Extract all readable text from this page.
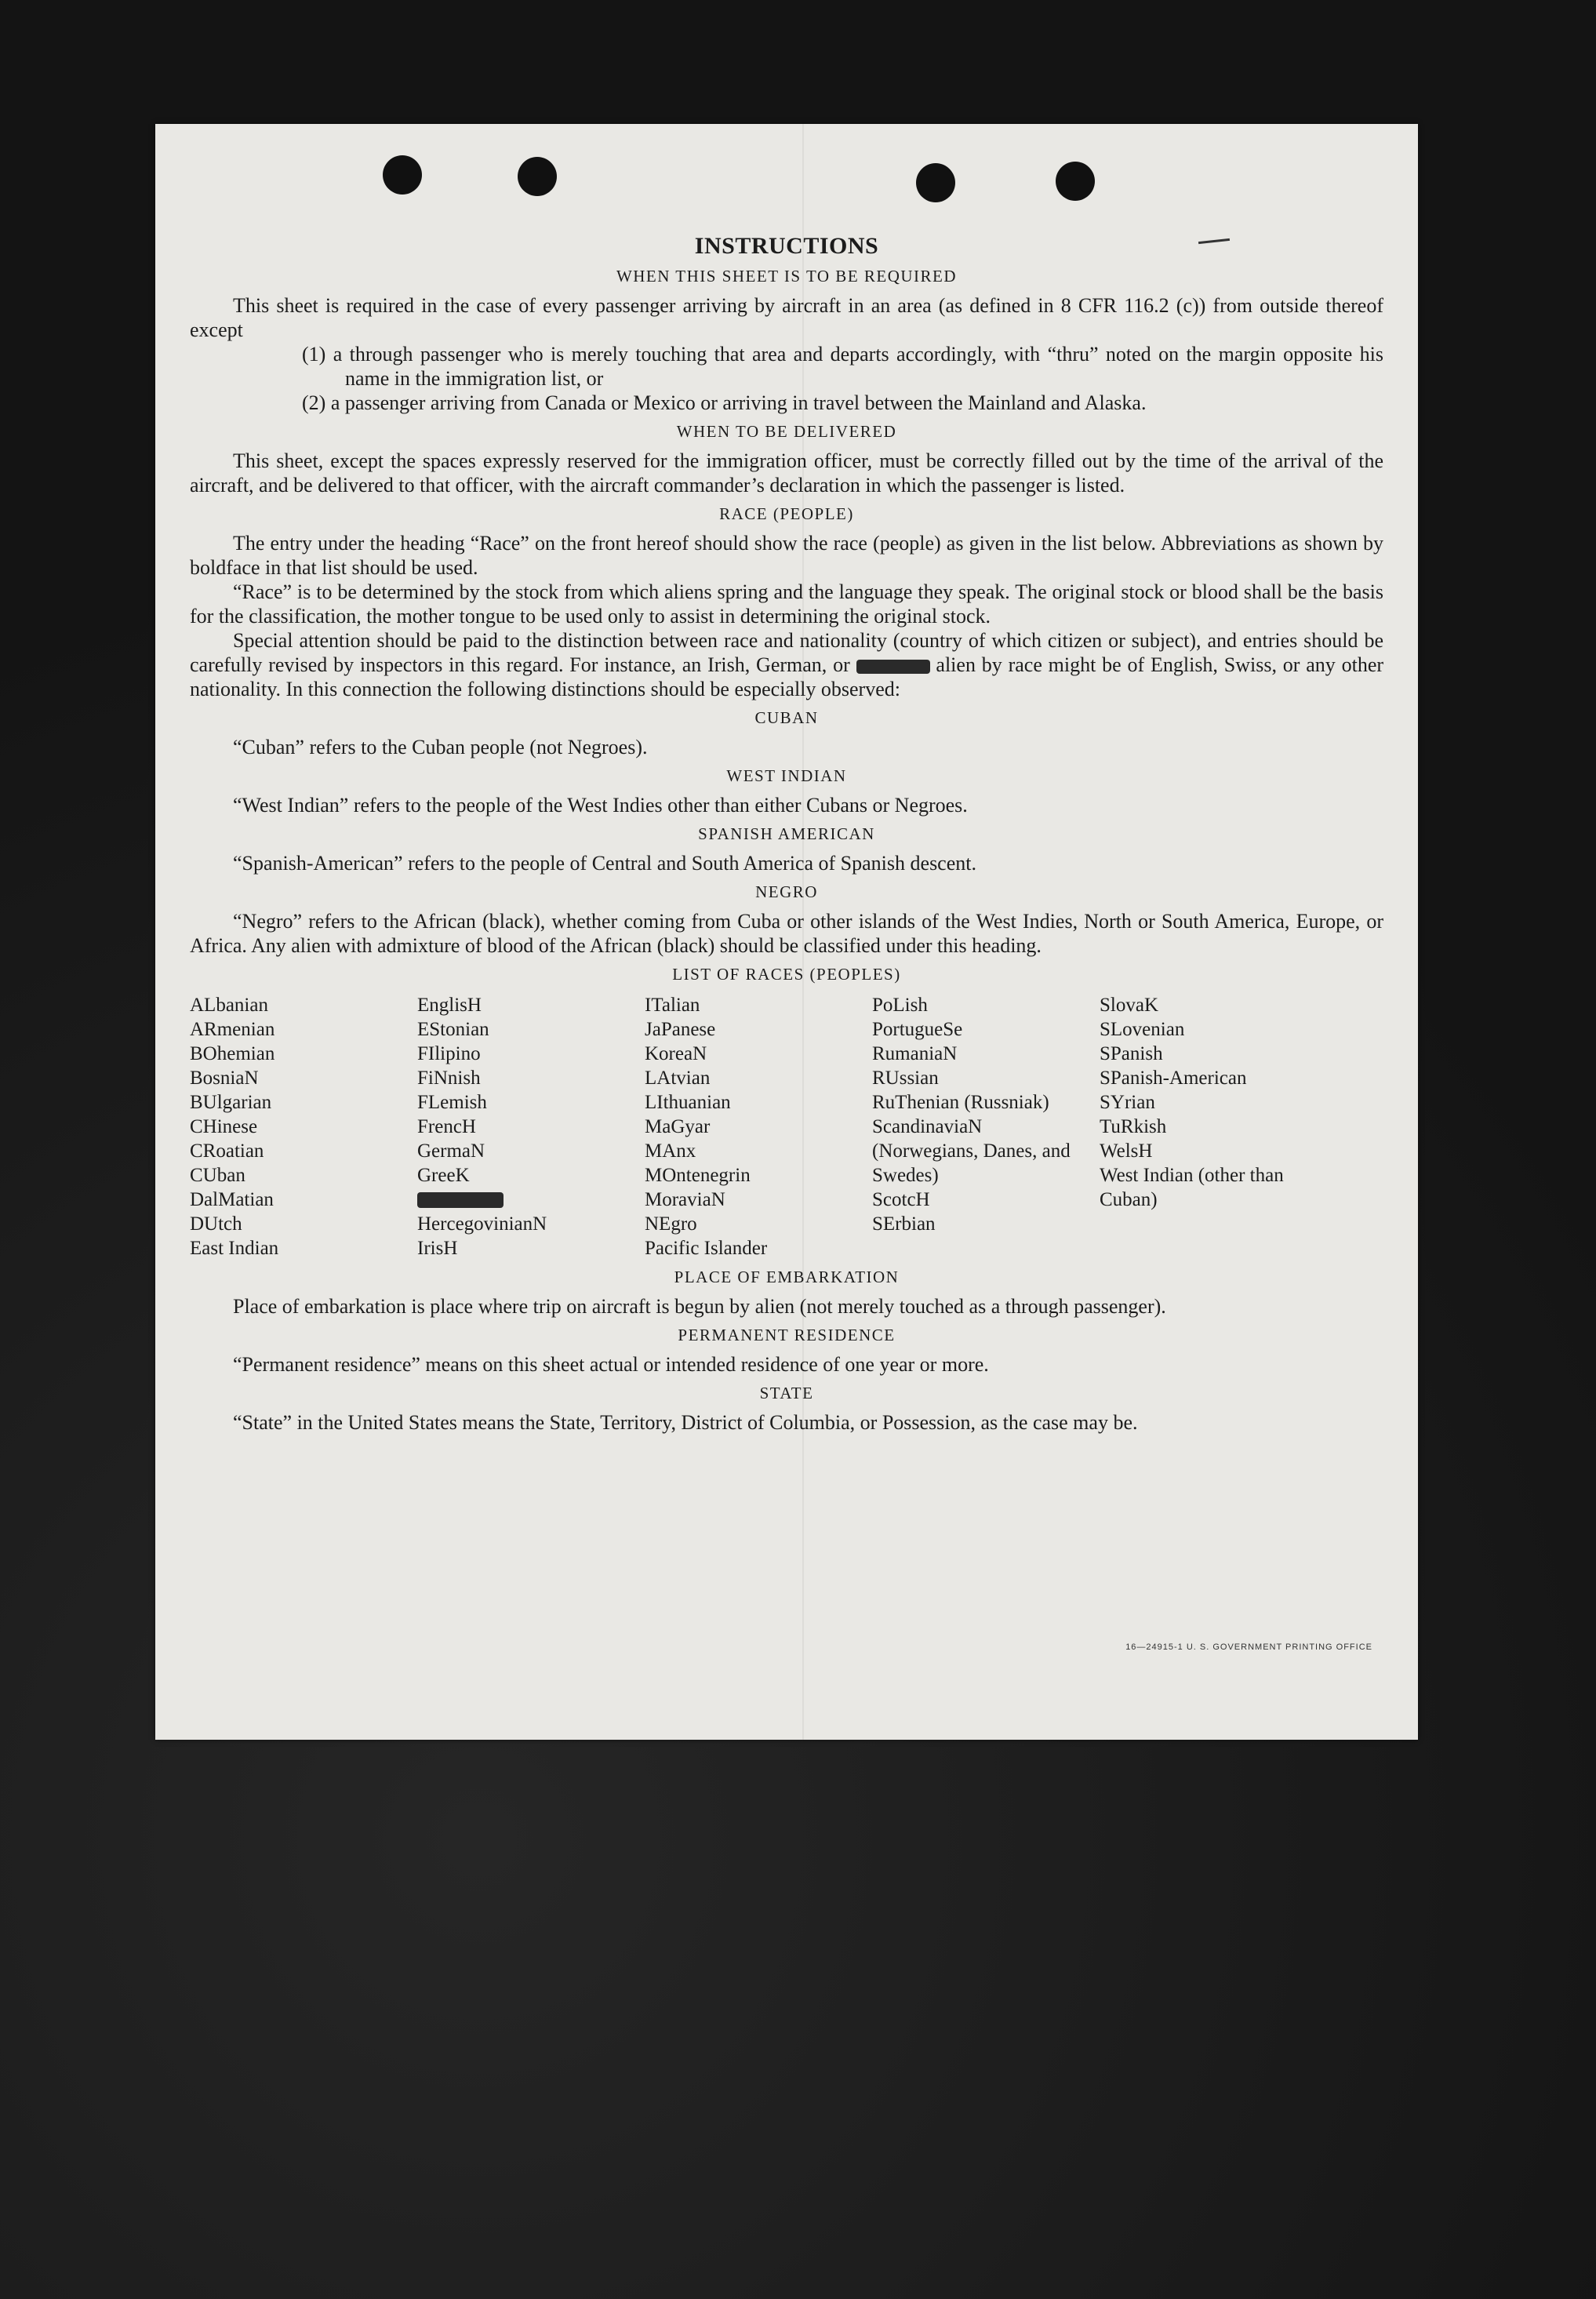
INSTRUCTIONS
WHEN THIS SHEET IS TO BE REQUIRED

This sheet is required in the case of every passenger arriving by aircraft in an area (as defined in 8 CFR 116.2 (c)) from outside thereof except

(1) a through passenger who is merely touching that area and departs accordingly, with “thru” noted on the margin opposite his name in the immigration list, or

(2) a passenger arriving from Canada or Mexico or arriving in travel between the Mainland and Alaska.

WHEN TO BE DELIVERED

This sheet, except the spaces expressly reserved for the immigration officer, must be correctly filled out by the time of the arrival of the aircraft, and be delivered to that officer, with the aircraft commander’s declaration in which the passenger is listed.

RACE (PEOPLE)

The entry under the heading “Race” on the front hereof should show the race (people) as given in the list below. Abbreviations as shown by boldface in that list should be used.

“Race” is to be determined by the stock from which aliens spring and the language they speak. The original stock or blood shall be the basis for the classification, the mother tongue to be used only to assist in determining the original stock.

Special attention should be paid to the distinction between race and nationality (country of which citizen or subject), and entries should be carefully revised by inspectors in this regard. For instance, an Irish, German, or	alien by race might be of English, Swiss, or any other nationality. In this connection the following distinctions should be especially observed:

CUBAN

“Cuban” refers to the Cuban people (not Negroes).

WEST INDIAN

“West Indian” refers to the people of the West Indies other than either Cubans or Negroes.

SPANISH AMERICAN

“Spanish-American” refers to the people of Central and South America of Spanish descent.

NEGRO

“Negro” refers to the African (black), whether coming from Cuba or other islands of the West Indies, North or South America, Europe, or Africa. Any alien with admixture of blood of the African (black) should be classified under this heading.

LIST OF RACES (PEOPLES)
ALbanian
ARmenian
BOhemian
BosniaN
BUlgarian
CHinese
CRoatian
CUban
DalMatian
DUtch
East Indian
EnglisH
EStonian
FIlipino
FiNnish
FLemish
FrencH
GermaN
GreeK
HercegovinianN
IrisH
ITalian
JaPanese
KoreaN
LAtvian
LIthuanian
MaGyar
MAnx
MOntenegrin
MoraviaN
NEgro
Pacific Islander
PoLish
PortugueSe
RumaniaN
RUssian
RuThenian (Russniak)
ScandinaviaN (Norwegians, Danes, and Swedes)
ScotcH
SErbian
SlovaK
SLovenian
SPanish
SPanish-American
SYrian
TuRkish
WelsH
West Indian (other than Cuban)
PLACE OF EMBARKATION

Place of embarkation is place where trip on aircraft is begun by alien (not merely touched as a through passenger).

PERMANENT RESIDENCE

“Permanent residence” means on this sheet actual or intended residence of one year or more.

STATE

“State” in the United States means the State, Territory, District of Columbia, or Possession, as the case may be.

16—24915-1 U. S. GOVERNMENT PRINTING OFFICE
